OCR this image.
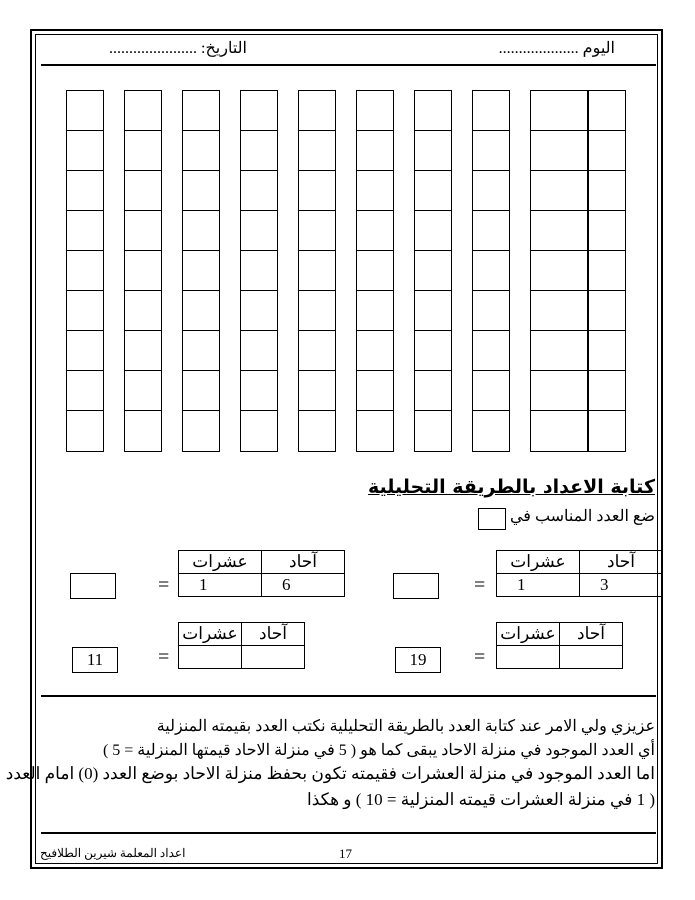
اليوم ....................
التاريخ: ......................
كتابة الاعداد بالطريقة التحليلية
ضع العدد المناسب في
عشرات	آحاد
1	3
=
عشرات	آحاد
1	6
=
عشرات	آحاد

=
19
عشرات	آحاد

=
11
عزيزي ولي الامر عند كتابة العدد بالطريقة التحليلية نكتب العدد بقيمته المنزلية
أي العدد الموجود في منزلة الاحاد يبقى كما هو ( 5 في منزلة الاحاد قيمتها المنزلية = 5 )
اما العدد الموجود في منزلة العشرات فقيمته تكون بحفظ منزلة الاحاد بوضع العدد (0) امام العدد
( 1 في منزلة العشرات قيمته المنزلية = 10 ) و هكذا
17
اعداد المعلمة شيرين الطلافيح
